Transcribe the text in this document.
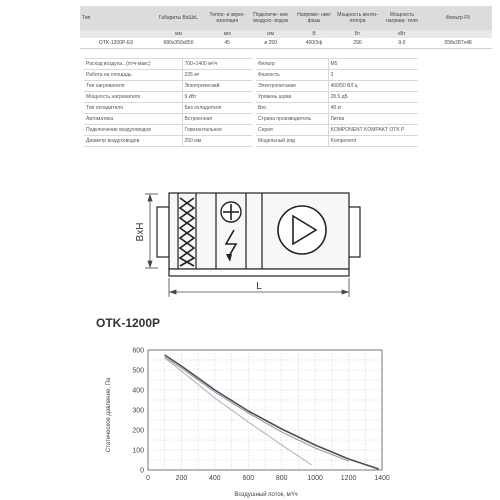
Тип	Габариты ВхШхL	Тепло- и звуко- изоляция	Подключе- ние воздухо- водов	Напряже- ние/фазы	Мощность венти- лятора	Мощность нагрева- теля	Фильтр F5
	мм	мм	мм	В	Вт	кВт	
OTK-1200P-E9	680x350x850	45	ø 250	400/3ф	290	9.0	558x287x48
Расход воздуха...(m³ч-макс)	700÷1400 м³/ч
Работа на площадь	235 м²
Тип нагревателя	Электрический
Мощность нагревателя	9 кВт
Тип охладителя	Без охладителя
Автоматика	Встроенная
Подключение воздуховодов	Горизонтальное
Диаметр воздуховодов	250 мм
Фильтр	M5
Фазность	3
Электропитание	400/50 В/Гц
Уровень шума	28.5 дБ
Вес	48 кг
Страна производитель	Литва
Серия	KOMPONENT KOMPAKT OTK P
Модельный ряд	Komponent
BxH
L
OTK-1200P
0	200	400	600	800	1000	1200	1400
0
100
200
300
400
500
600
Воздушный поток, м³/ч
Статическое давление, Па
